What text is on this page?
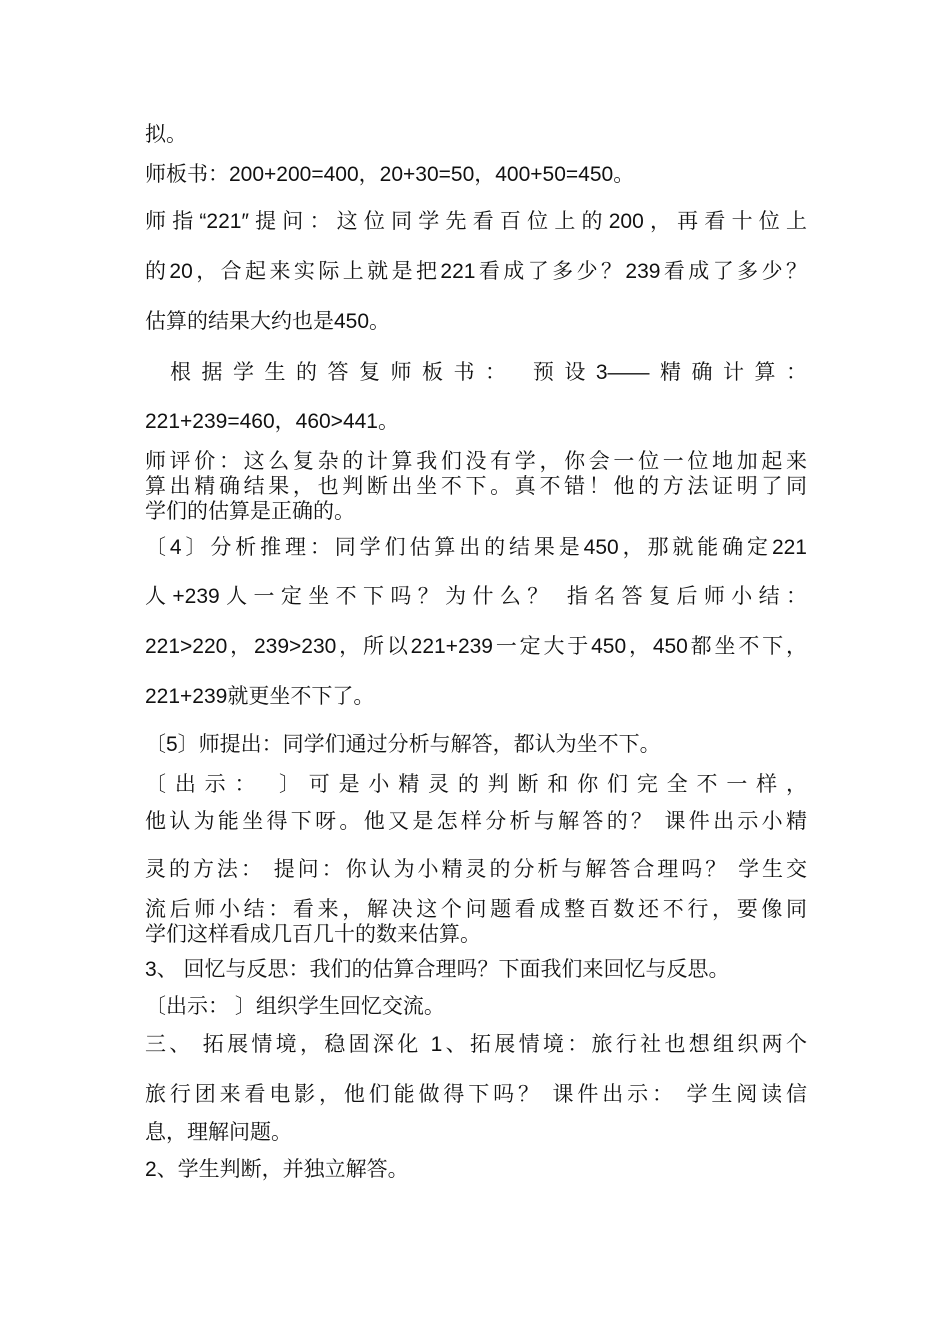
拟。
师板书：200+200=400，20+30=50，400+50=450。
师指“221″提问：这位同学先看百位上的200，再看十位上
的20，合起来实际上就是把221看成了多少？239看成了多少？
估算的结果大约也是450。
根据学生的答复师板书： 预设3——精确计算：
221+239=460，460>441。
师评价：这么复杂的计算我们没有学，你会一位一位地加起来
算出精确结果，也判断出坐不下。真不错！他的方法证明了同
学们的估算是正确的。
〔4〕分析推理：同学们估算出的结果是450，那就能确定221
人+239人一定坐不下吗？为什么？ 指名答复后师小结：
221>220，239>230，所以221+239一定大于450，450都坐不下，
221+239就更坐不下了。
〔5〕师提出：同学们通过分析与解答，都认为坐不下。
〔出示： 〕可是小精灵的判断和你们完全不一样，
他认为能坐得下呀。他又是怎样分析与解答的？ 课件出示小精
灵的方法： 提问：你认为小精灵的分析与解答合理吗？ 学生交
流后师小结：看来，解决这个问题看成整百数还不行，要像同
学们这样看成几百几十的数来估算。
3、 回忆与反思：我们的估算合理吗？下面我们来回忆与反思。
〔出示： 〕组织学生回忆交流。
三、 拓展情境，稳固深化 1、拓展情境：旅行社也想组织两个
旅行团来看电影，他们能做得下吗？ 课件出示： 学生阅读信
息，理解问题。
2、学生判断，并独立解答。
